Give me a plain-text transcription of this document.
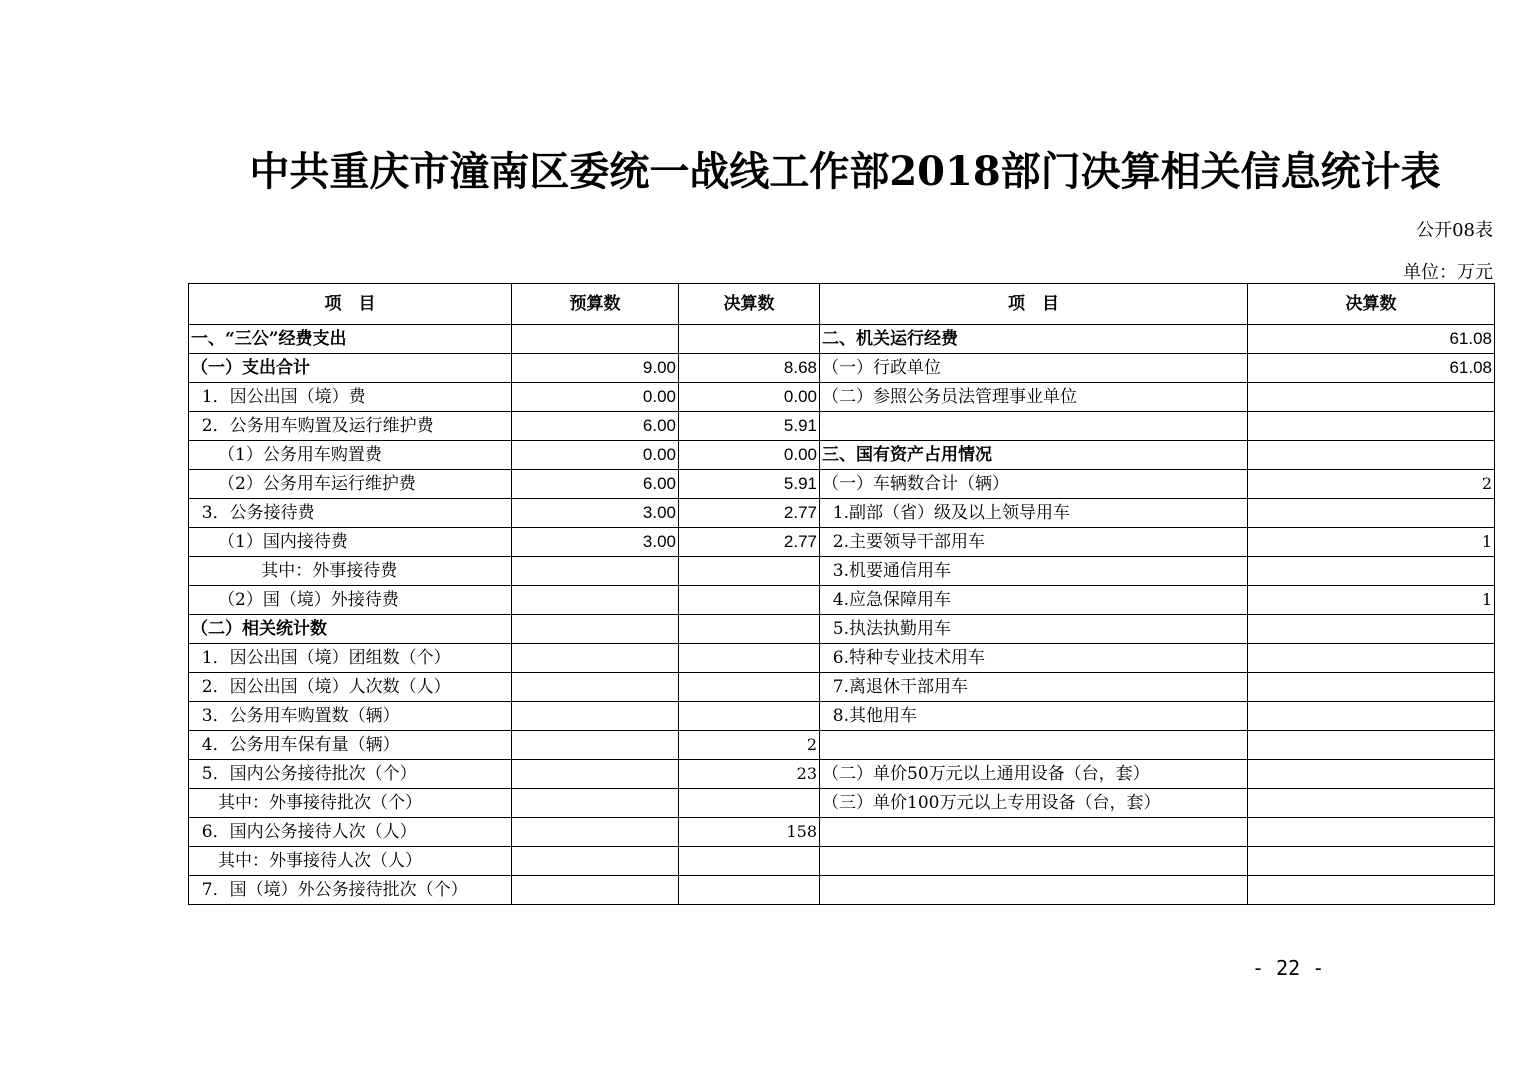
中共重庆市潼南区委统一战线工作部2018部门决算相关信息统计表
公开08表
单位：万元
项　目	预算数	决算数	项　目	决算数
一、“三公”经费支出			二、机关运行经费	61.08
（一）支出合计	9.00	8.68	（一）行政单位	61.08
1．因公出国（境）费	0.00	0.00	（二）参照公务员法管理事业单位	
2．公务用车购置及运行维护费	6.00	5.91		
（1）公务用车购置费	0.00	0.00	三、国有资产占用情况	
（2）公务用车运行维护费	6.00	5.91	（一）车辆数合计（辆）	2
3．公务接待费	3.00	2.77	1.副部（省）级及以上领导用车	
（1）国内接待费	3.00	2.77	2.主要领导干部用车	1
其中：外事接待费			3.机要通信用车	
（2）国（境）外接待费			4.应急保障用车	1
（二）相关统计数			5.执法执勤用车	
1．因公出国（境）团组数（个）			6.特种专业技术用车	
2．因公出国（境）人次数（人）			7.离退休干部用车	
3．公务用车购置数（辆）			8.其他用车	
4．公务用车保有量（辆）		2		
5．国内公务接待批次（个）		23	（二）单价50万元以上通用设备（台，套）	
其中：外事接待批次（个）			（三）单价100万元以上专用设备（台，套）	
6．国内公务接待人次（人）		158		
其中：外事接待人次（人）				
7．国（境）外公务接待批次（个）				
- 22 -
